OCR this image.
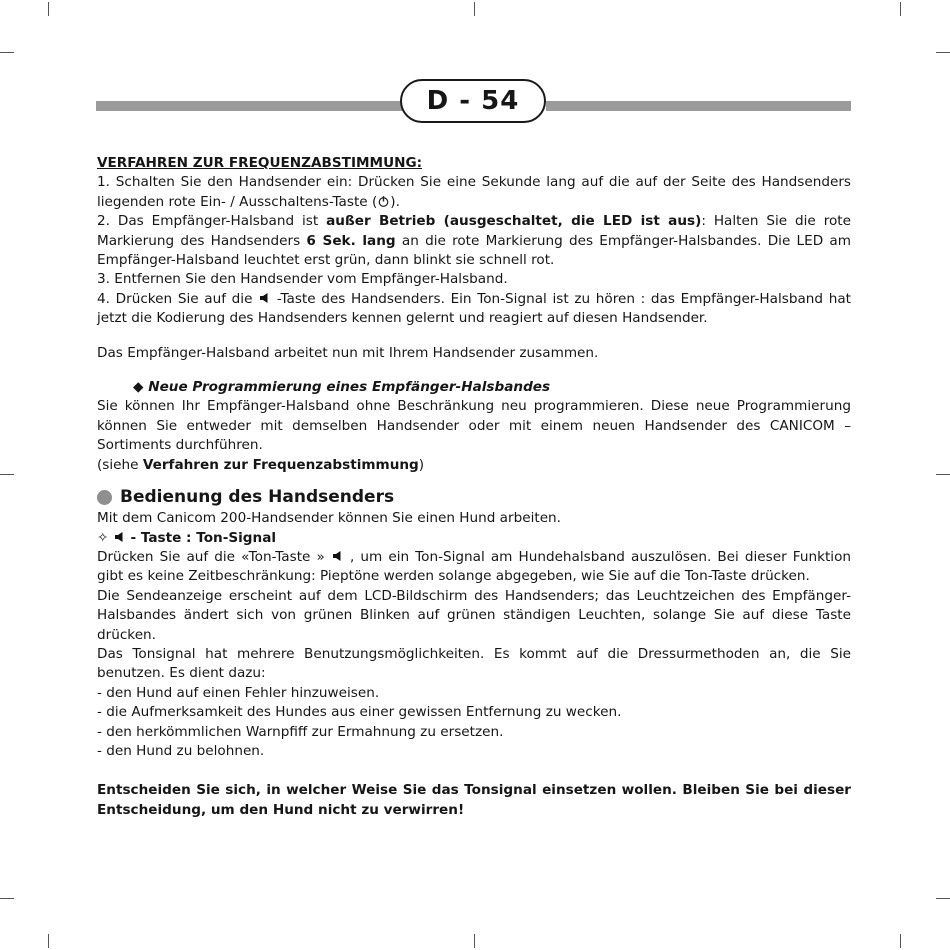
D - 54

VERFAHREN ZUR FREQUENZABSTIMMUNG:

1. Schalten Sie den Handsender ein: Drücken Sie eine Sekunde lang auf die auf der Seite des Handsenders liegenden rote Ein- / Ausschaltens-Taste ( ).

2. Das Empfänger-Halsband ist außer Betrieb (ausgeschaltet, die LED ist aus): Halten Sie die rote Markierung des Handsenders 6 Sek. lang an die rote Markierung des Empfänger-Halsbandes. Die LED am Empfänger-Halsband leuchtet erst grün, dann blinkt sie schnell rot.

3. Entfernen Sie den Handsender vom Empfänger-Halsband.

4. Drücken Sie auf die  -Taste des Handsenders. Ein Ton-Signal ist zu hören : das Empfänger-Halsband hat jetzt die Kodierung des Handsenders kennen gelernt und reagiert auf diesen Handsender.

Das Empfänger-Halsband arbeitet nun mit Ihrem Handsender zusammen.

◆ Neue Programmierung eines Empfänger-Halsbandes

Sie können Ihr Empfänger-Halsband ohne Beschränkung neu programmieren. Diese neue Programmierung können Sie entweder mit demselben Handsender oder mit einem neuen Handsender des CANICOM – Sortiments durchführen.

(siehe Verfahren zur Frequenzabstimmung)

Bedienung des Handsenders

Mit dem Canicom 200-Handsender können Sie einen Hund arbeiten.

✧  - Taste : Ton-Signal

Drücken Sie auf die «Ton-Taste »  , um ein Ton-Signal am Hundehalsband auszulösen. Bei dieser Funktion gibt es keine Zeitbeschränkung: Pieptöne werden solange abgegeben, wie Sie auf die Ton-Taste drücken.

Die Sendeanzeige erscheint auf dem LCD-Bildschirm des Handsenders; das Leuchtzeichen des Empfänger-Halsbandes ändert sich von grünen Blinken auf grünen ständigen Leuchten, solange Sie auf diese Taste drücken.

Das Tonsignal hat mehrere Benutzungsmöglichkeiten. Es kommt auf die Dressurmethoden an, die Sie benutzen. Es dient dazu:

- den Hund auf einen Fehler hinzuweisen.

- die Aufmerksamkeit des Hundes aus einer gewissen Entfernung zu wecken.

- den herkömmlichen Warnpfiff zur Ermahnung zu ersetzen.

- den Hund zu belohnen.

Entscheiden Sie sich, in welcher Weise Sie das Tonsignal einsetzen wollen. Bleiben Sie bei dieser Entscheidung, um den Hund nicht zu verwirren!
